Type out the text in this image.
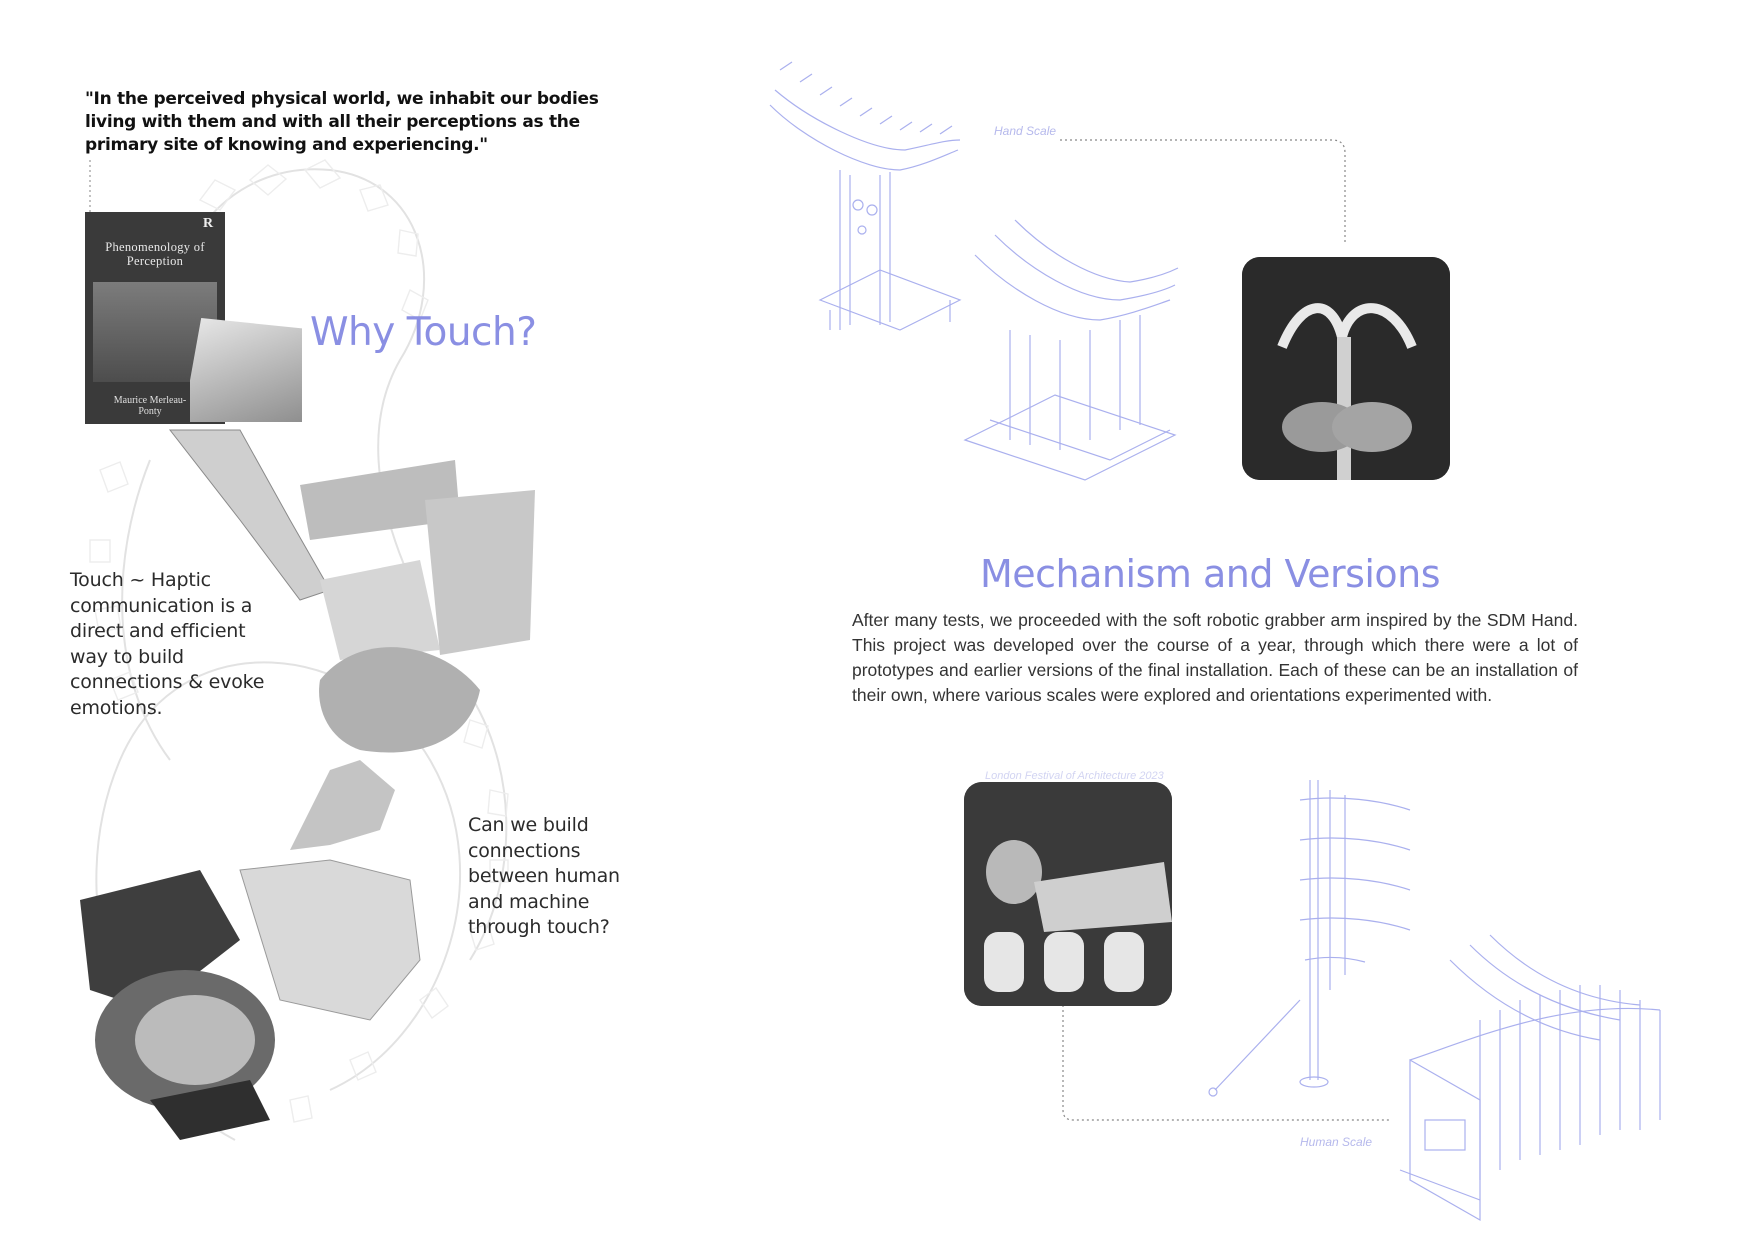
"In the perceived physical world, we inhabit our bodies living with them and with all their perceptions as the primary site of knowing and experiencing."
R
Phenomenology of Perception
Maurice Merleau-Ponty
Why Touch?
Touch ~ Haptic communication is a direct and efficient way to build connections & evoke emotions.
Can we build connections between human and machine through touch?
Hand Scale
Mechanism and Versions
After many tests, we proceeded with the soft robotic grabber arm inspired by the SDM Hand. This project was developed over the course of a year, through which there were a lot of prototypes and earlier versions of the final installation. Each of these can be an installation of their own, where various scales were explored and orientations experimented with.
London Festival of Architecture 2023
Human Scale
